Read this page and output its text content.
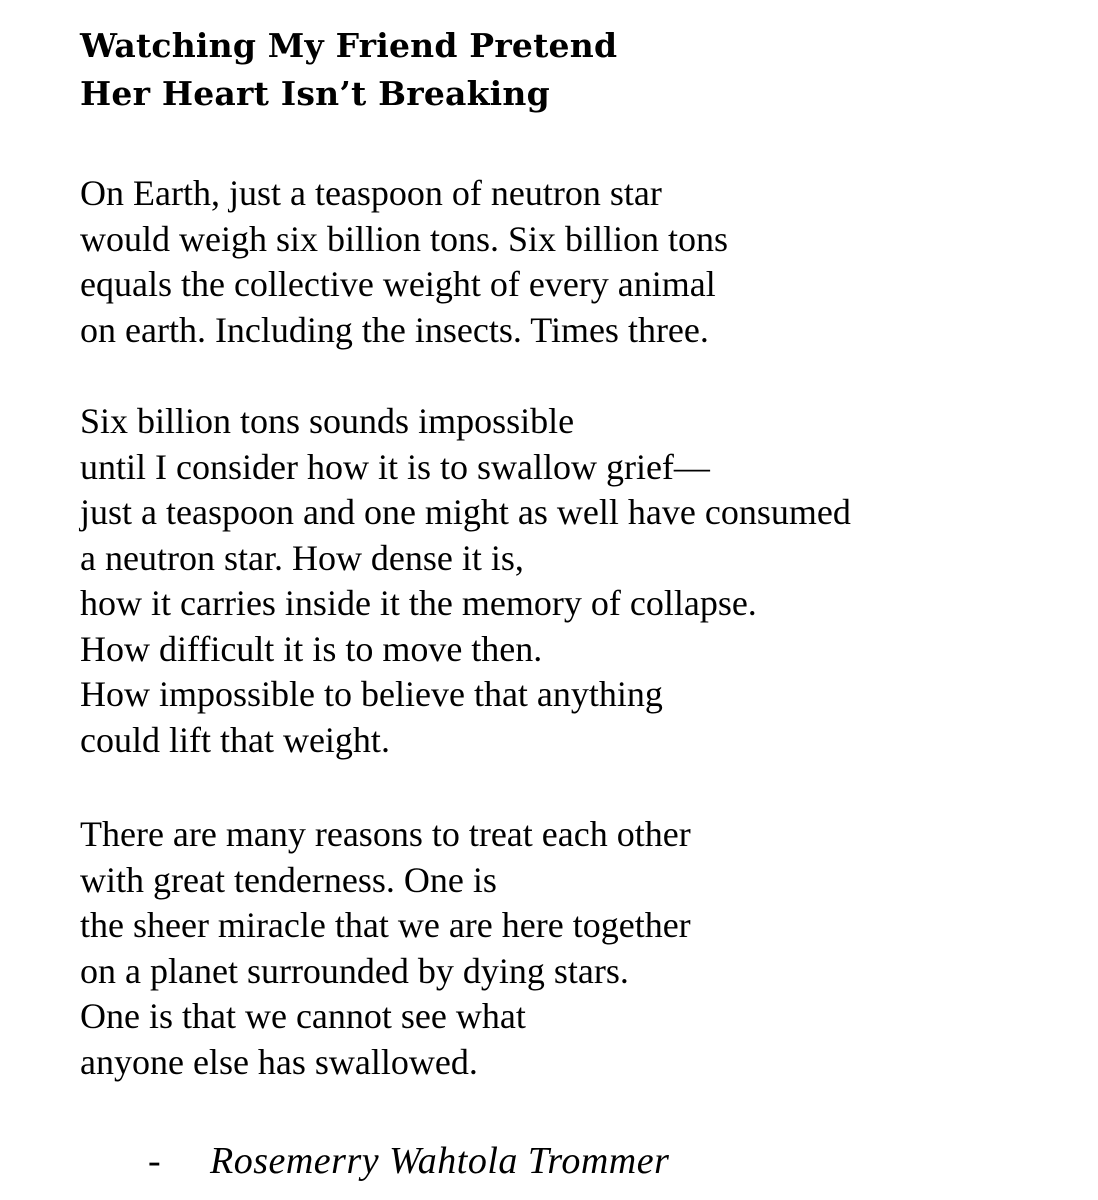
Watching My Friend Pretend
Her Heart Isn’t Breaking
On Earth, just a teaspoon of neutron star
would weigh six billion tons. Six billion tons
equals the collective weight of every animal
on earth. Including the insects. Times three.
Six billion tons sounds impossible
until I consider how it is to swallow grief—
just a teaspoon and one might as well have consumed
a neutron star. How dense it is,
how it carries inside it the memory of collapse.
How difficult it is to move then.
How impossible to believe that anything
could lift that weight.
There are many reasons to treat each other
with great tenderness. One is
the sheer miracle that we are here together
on a planet surrounded by dying stars.
One is that we cannot see what
anyone else has swallowed.
- Rosemerry Wahtola Trommer
